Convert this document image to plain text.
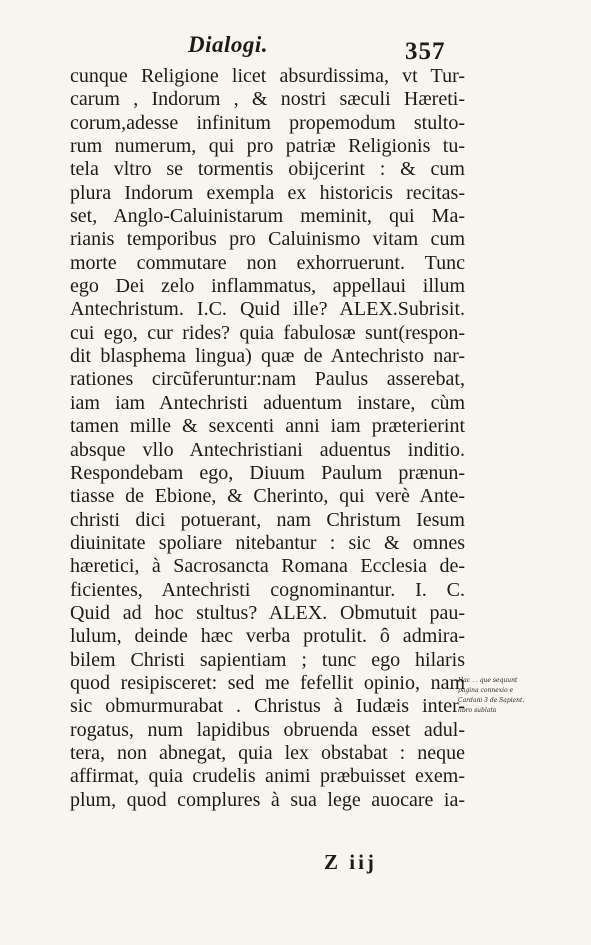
Dialogi.	357
cunque Religione licet absurdissima, vt Tur-
carum , Indorum , & nostri sæculi Hæreti-
corum,adesse infinitum propemodum stulto-
rum numerum, qui pro patriæ Religionis tu-
tela vltro se tormentis obijcerint : & cum
plura Indorum exempla ex historicis recitas-
set, Anglo-Caluinistarum meminit, qui Ma-
rianis temporibus pro Caluinismo vitam cum
morte commutare non exhorruerunt. Tunc
ego Dei zelo inflammatus, appellaui illum
Antechristum. I.C. Quid ille? ALEX.Subrisit.
cui ego, cur rides? quia fabulosæ sunt(respon-
dit blasphema lingua) quæ de Antechristo nar-
rationes circũferuntur:nam Paulus asserebat,
iam iam Antechristi aduentum instare, cùm
tamen mille & sexcenti anni iam præterierint
absque vllo Antechristiani aduentus inditio.
Respondebam ego, Diuum Paulum prænun-
tiasse de Ebione, & Cherinto, qui verè Ante-
christi dici potuerant, nam Christum Iesum
diuinitate spoliare nitebantur : sic & omnes
hæretici, à Sacrosancta Romana Ecclesia de-
ficientes, Antechristi cognominantur. I. C.
Quid ad hoc stultus? ALEX. Obmutuit pau-
lulum, deinde hæc verba protulit. ô admira-
bilem Christi sapientiam ; tunc ego hilaris
quod resipisceret: sed me fefellit opinio, nam
sic obmurmurabat . Christus à Iudæis inter-
rogatus, num lapidibus obruenda esset adul-
tera, non abnegat, quia lex obstabat : neque
affirmat, quia crudelis animi præbuisset exem-
plum, quod complures à sua lege auocare ia-
Hac . . que sequunt
pagina connexio e
Cardani 3 de Sapient.
libro sublata
Z iij
